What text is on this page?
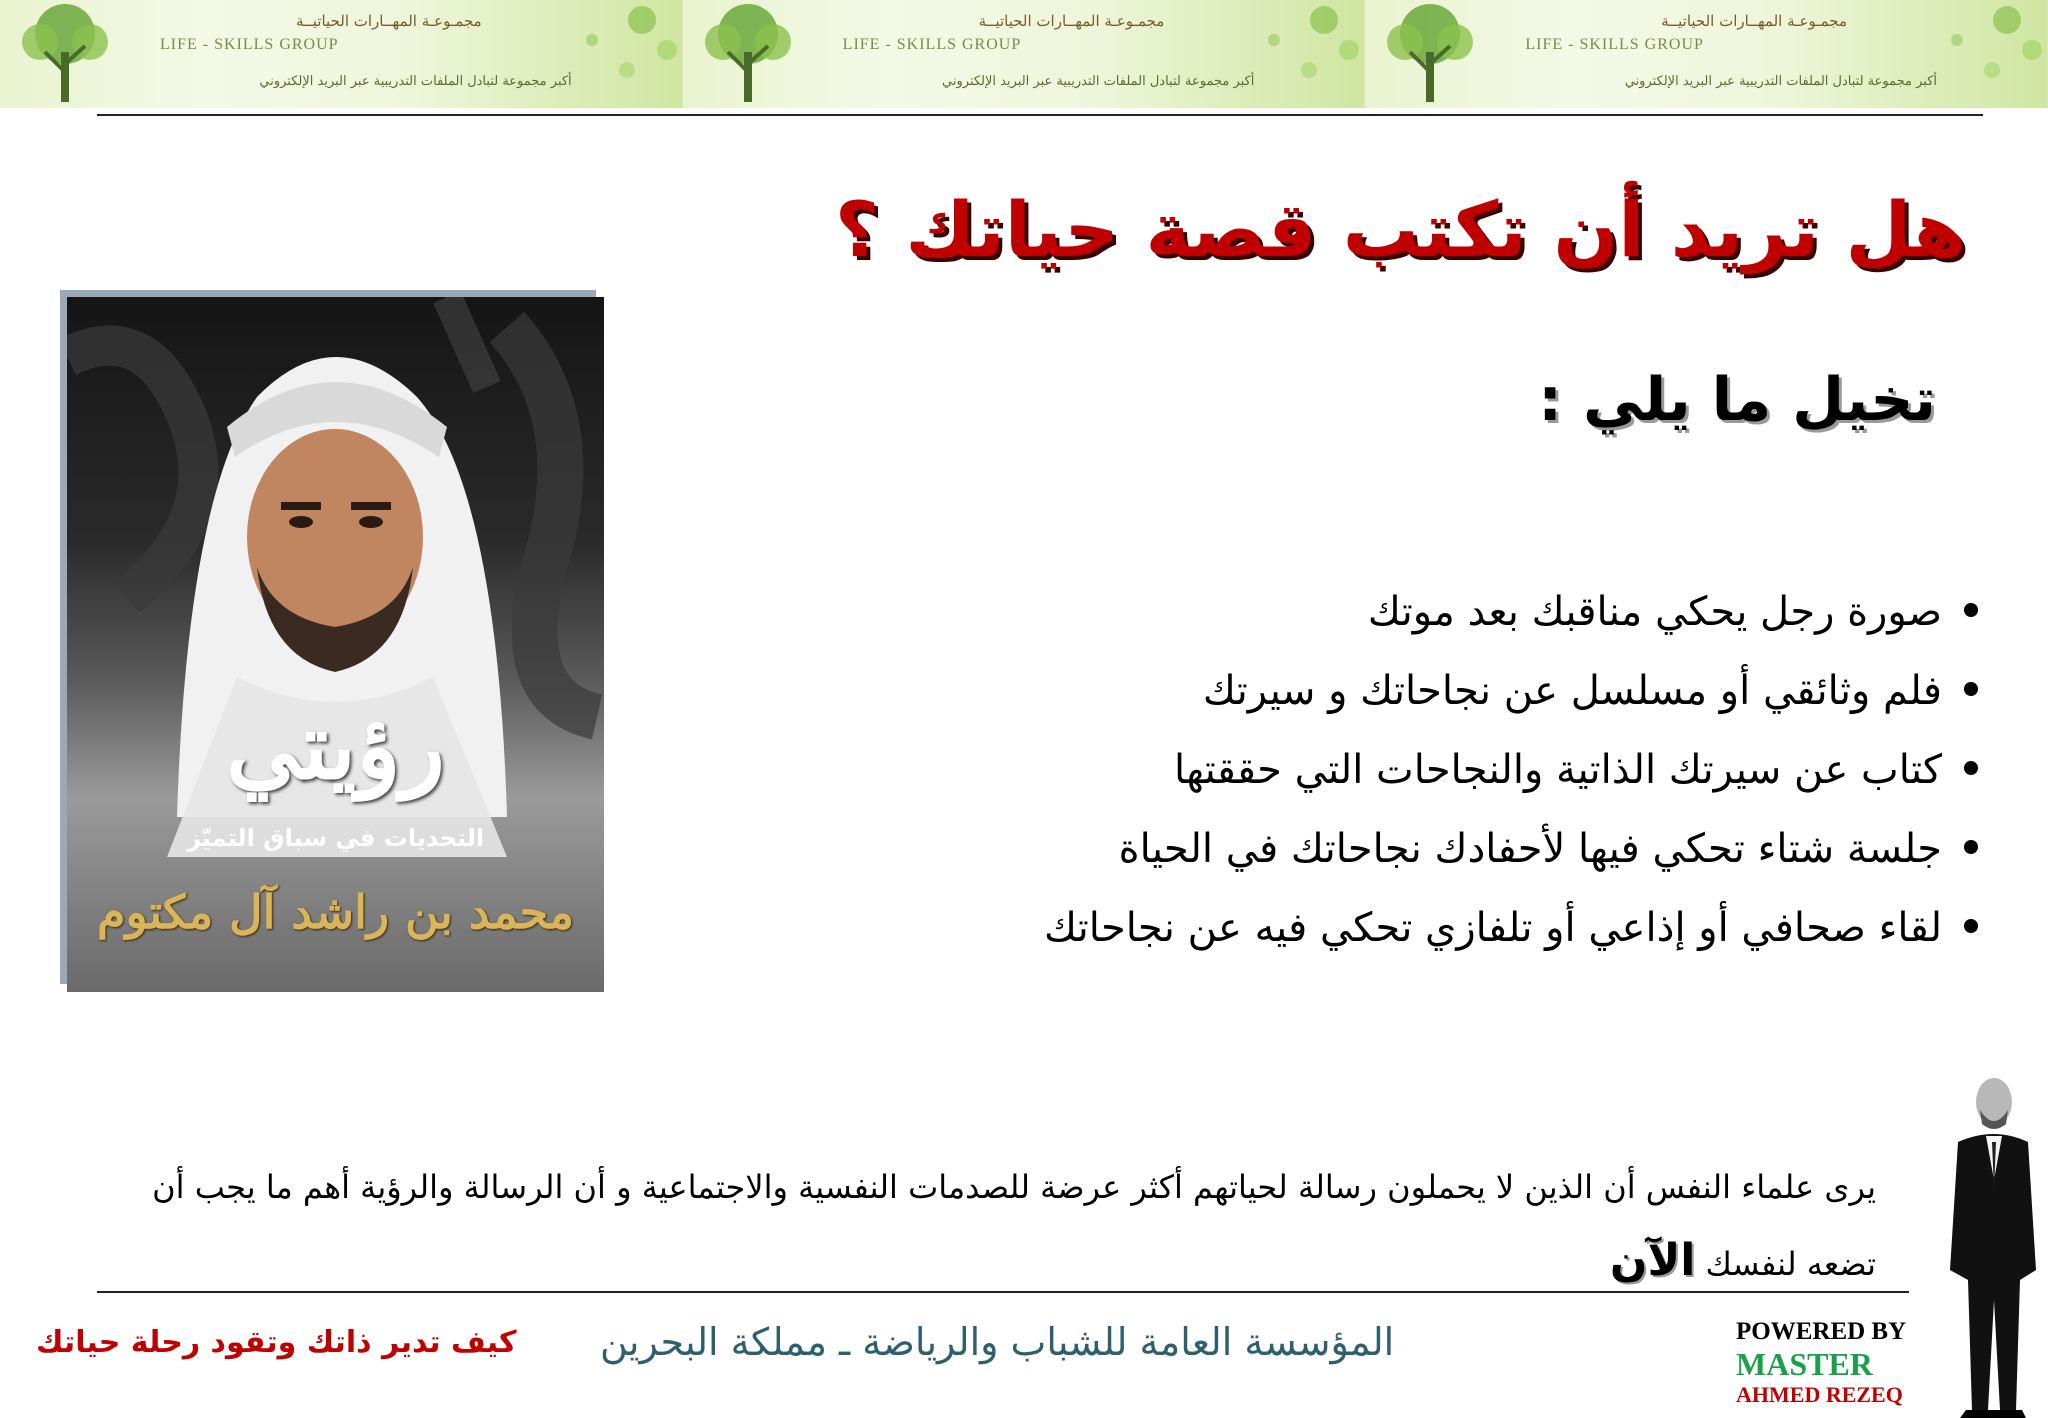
مجمـوعـة المهــارات الحياتيــة
LIFE - SKILLS GROUP
أكبر مجموعة لتبادل الملفات التدريبية عبر البريد الإلكتروني
مجمـوعـة المهــارات الحياتيــة
LIFE - SKILLS GROUP
أكبر مجموعة لتبادل الملفات التدريبية عبر البريد الإلكتروني
مجمـوعـة المهــارات الحياتيــة
LIFE - SKILLS GROUP
أكبر مجموعة لتبادل الملفات التدريبية عبر البريد الإلكتروني
هل تريد أن تكتب قصة حياتك ؟
تخيل ما يلي :
صورة رجل يحكي مناقبك بعد موتك
فلم وثائقي أو مسلسل عن نجاحاتك و سيرتك
كتاب عن سيرتك الذاتية والنجاحات التي حققتها
جلسة شتاء تحكي فيها لأحفادك نجاحاتك في الحياة
لقاء صحافي أو إذاعي أو تلفازي تحكي فيه عن نجاحاتك
رؤيتي
التحديات في سباق التميّز
محمد بن راشد آل مكتوم
يرى علماء النفس أن الذين لا يحملون رسالة لحياتهم أكثر عرضة للصدمات النفسية والاجتماعية و أن الرسالة والرؤية أهم ما يجب أن تضعه لنفسك الآن
كيف تدير ذاتك وتقود رحلة حياتك المؤسسة العامة للشباب والرياضة ـ مملكة البحرين	POWERED BY
MASTER
AHMED REZEQ
